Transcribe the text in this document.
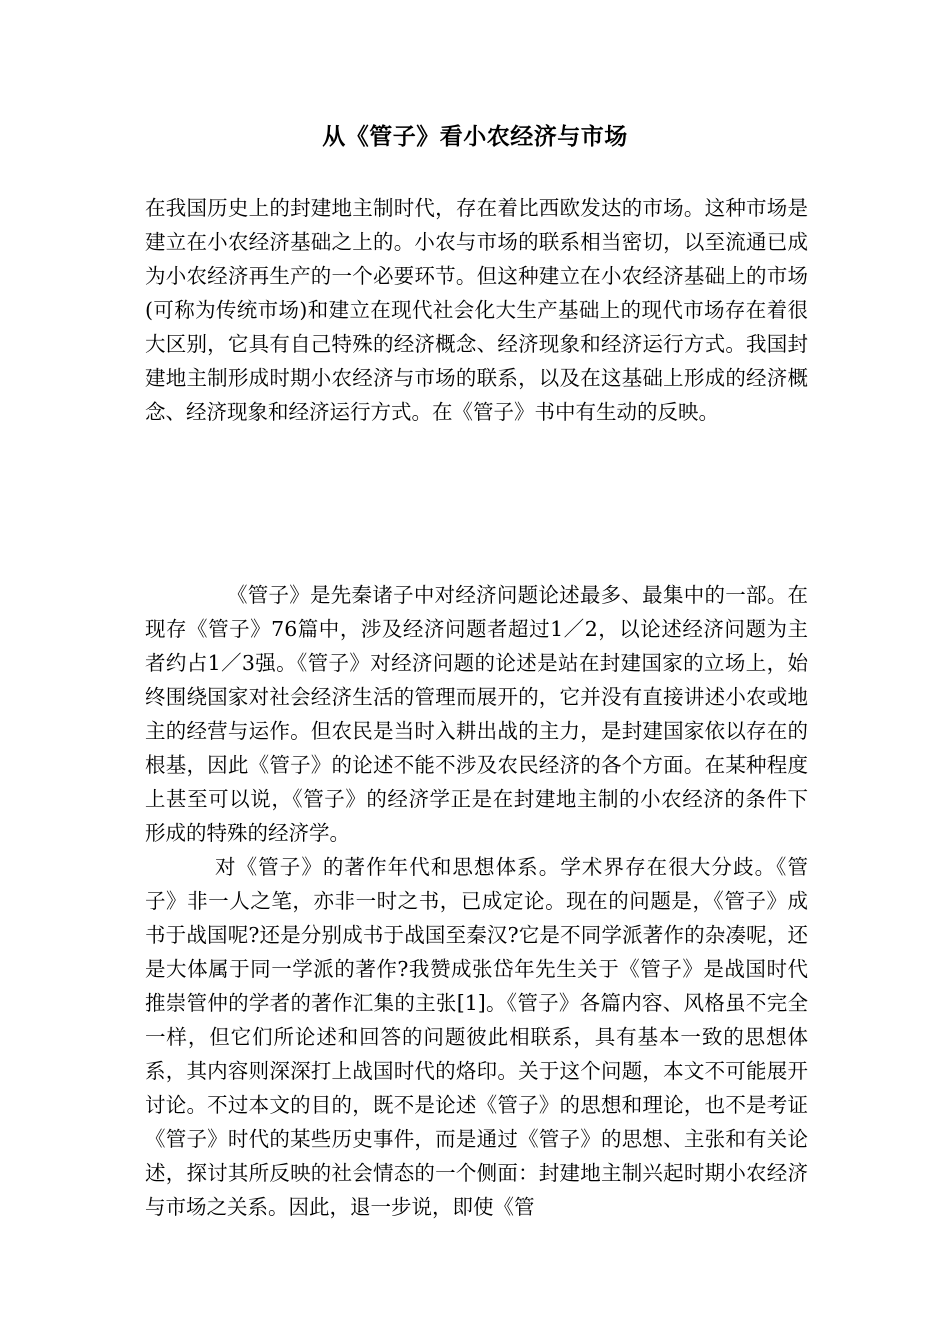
从《管子》看小农经济与市场

在我国历史上的封建地主制时代，存在着比西欧发达的市场。这种市场是建立在小农经济基础之上的。小农与市场的联系相当密切，以至流通已成为小农经济再生产的一个必要环节。但这种建立在小农经济基础上的市场(可称为传统市场)和建立在现代社会化大生产基础上的现代市场存在着很大区别，它具有自己特殊的经济概念、经济现象和经济运行方式。我国封建地主制形成时期小农经济与市场的联系，以及在这基础上形成的经济概念、经济现象和经济运行方式。在《管子》书中有生动的反映。

《管子》是先秦诸子中对经济问题论述最多、最集中的一部。在现存《管子》76篇中，涉及经济问题者超过1／2，以论述经济问题为主者约占1／3强。《管子》对经济问题的论述是站在封建国家的立场上，始终围绕国家对社会经济生活的管理而展开的，它并没有直接讲述小农或地主的经营与运作。但农民是当时入耕出战的主力，是封建国家依以存在的根基，因此《管子》的论述不能不涉及农民经济的各个方面。在某种程度上甚至可以说，《管子》的经济学正是在封建地主制的小农经济的条件下形成的特殊的经济学。

对《管子》的著作年代和思想体系。学术界存在很大分歧。《管子》非一人之笔，亦非一时之书，已成定论。现在的问题是，《管子》成书于战国呢?还是分别成书于战国至秦汉?它是不同学派著作的杂凑呢，还是大体属于同一学派的著作?我赞成张岱年先生关于《管子》是战国时代推崇管仲的学者的著作汇集的主张[1]。《管子》各篇内容、风格虽不完全一样，但它们所论述和回答的问题彼此相联系，具有基本一致的思想体系，其内容则深深打上战国时代的烙印。关于这个问题，本文不可能展开讨论。不过本文的目的，既不是论述《管子》的思想和理论，也不是考证《管子》时代的某些历史事件，而是通过《管子》的思想、主张和有关论述，探讨其所反映的社会情态的一个侧面：封建地主制兴起时期小农经济与市场之关系。因此，退一步说，即使《管
